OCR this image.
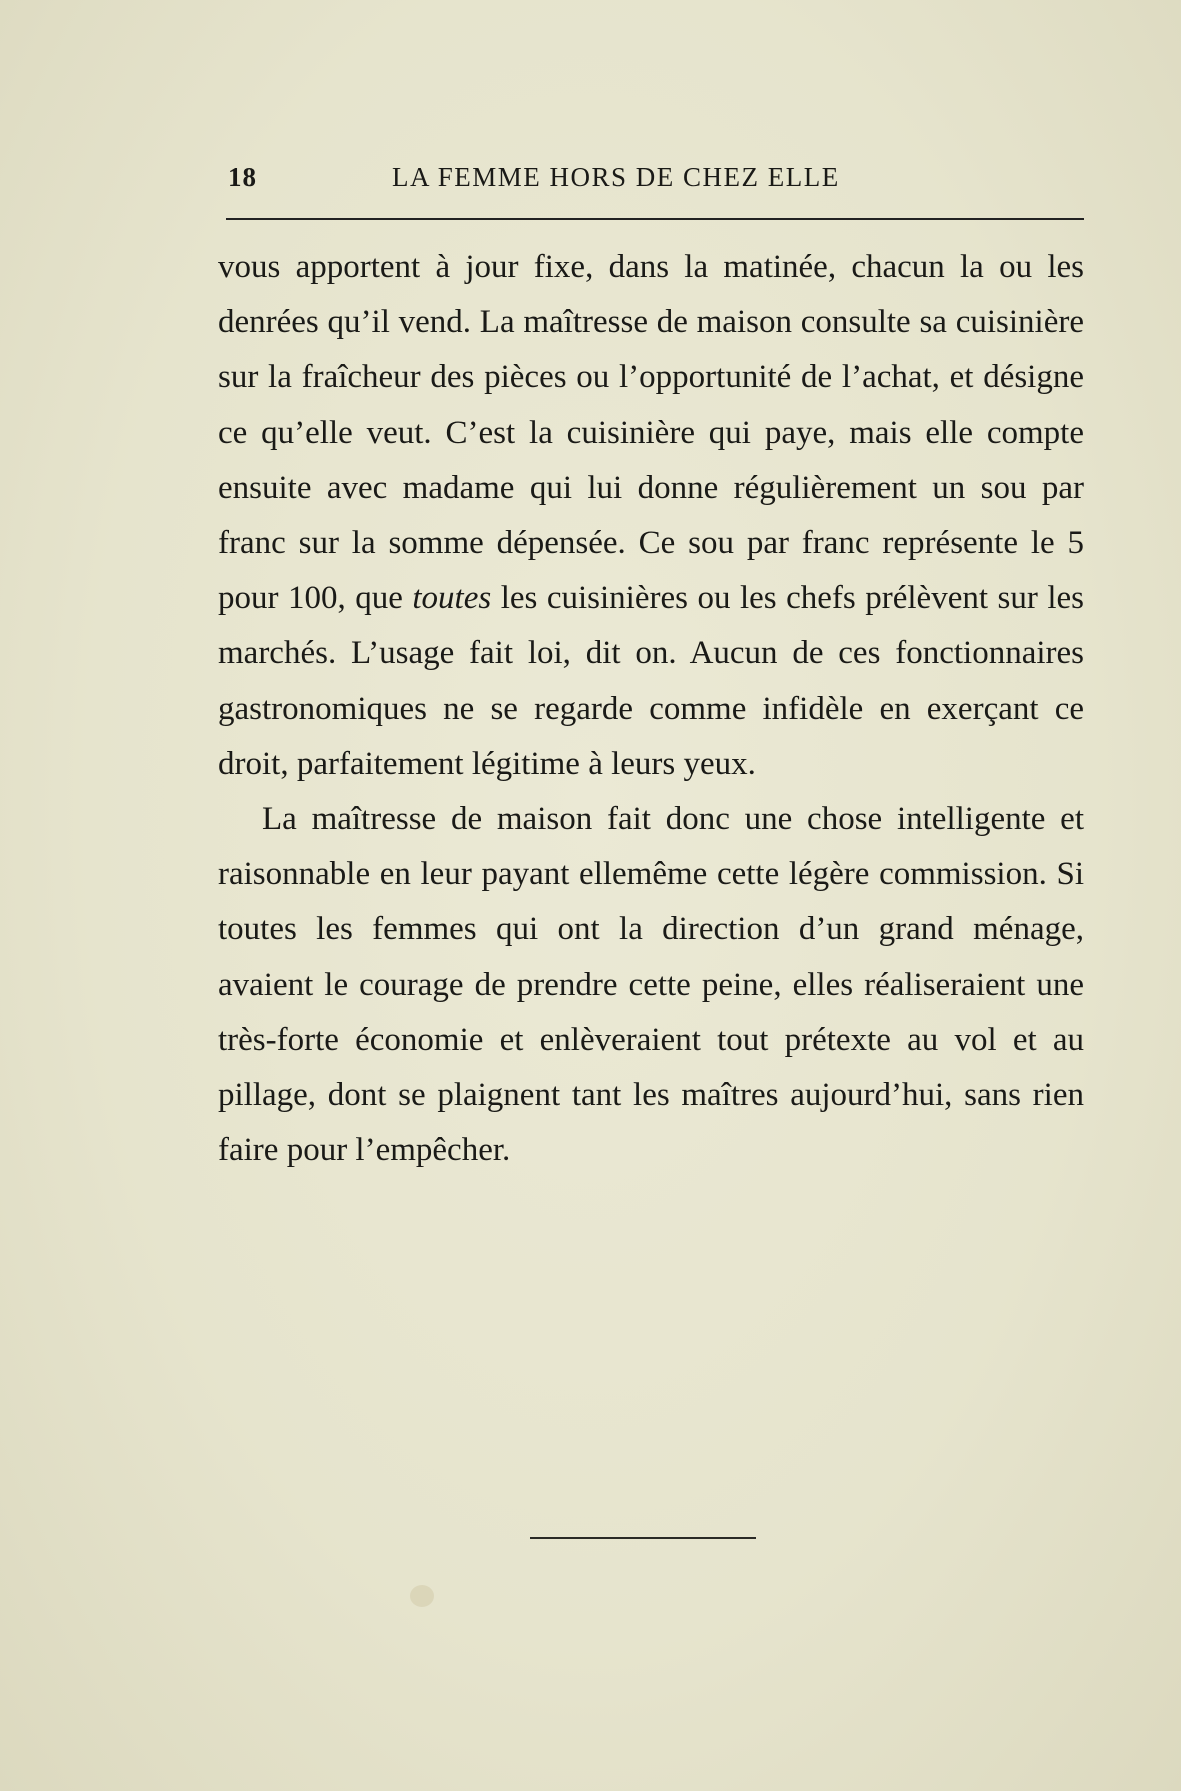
18	LA FEMME HORS DE CHEZ ELLE

vous apportent à jour fixe, dans la matinée, chacun la ou les denrées qu’il vend. La maîtresse de maison consulte sa cuisinière sur la fraîcheur des pièces ou l’opportunité de l’achat, et désigne ce qu’elle veut. C’est la cuisinière qui paye, mais elle compte ensuite avec madame qui lui donne régulièrement un sou par franc sur la somme dépensée. Ce sou par franc représente le 5 pour 100, que toutes les cuisinières ou les chefs prélèvent sur les marchés. L’usage fait loi, dit on. Aucun de ces fonctionnaires gastronomiques ne se regarde comme infidèle en exerçant ce droit, parfaitement légitime à leurs yeux.

La maîtresse de maison fait donc une chose intelligente et raisonnable en leur payant ellemême cette légère commission. Si toutes les femmes qui ont la direction d’un grand ménage, avaient le courage de prendre cette peine, elles réaliseraient une très-forte économie et enlèveraient tout prétexte au vol et au pillage, dont se plaignent tant les maîtres aujourd’hui, sans rien faire pour l’empêcher.
